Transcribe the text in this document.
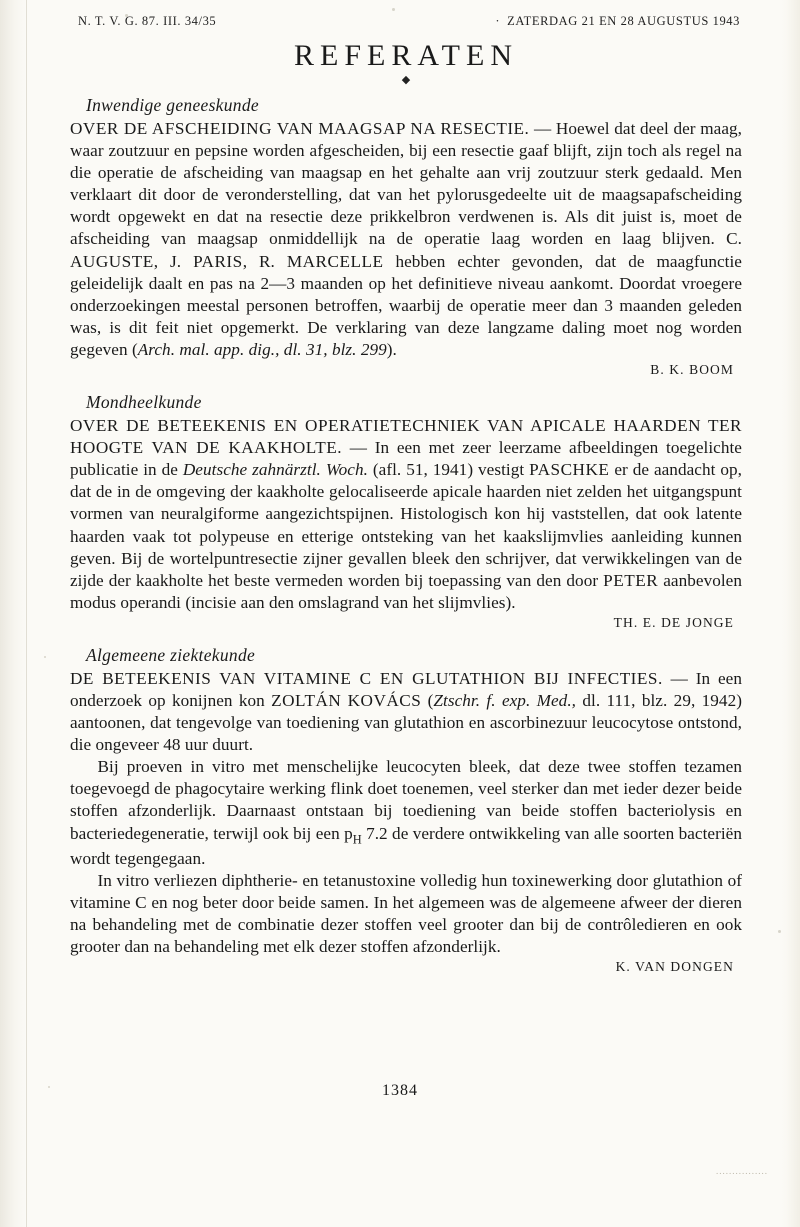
................
N. T. V. G. 87. III. 34/35	· ZATERDAG 21 EN 28 AUGUSTUS 1943
REFERATEN
◆
Inwendige geneeskunde

OVER DE AFSCHEIDING VAN MAAGSAP NA RESECTIE. — Hoewel dat deel der maag, waar zoutzuur en pepsine worden afgescheiden, bij een resectie gaaf blijft, zijn toch als regel na die operatie de afscheiding van maagsap en het gehalte aan vrij zoutzuur sterk gedaald. Men verklaart dit door de veronderstelling, dat van het pylorusgedeelte uit de maagsapafscheiding wordt opgewekt en dat na resectie deze prikkelbron verdwenen is. Als dit juist is, moet de afscheiding van maagsap onmiddellijk na de operatie laag worden en laag blijven. C. AUGUSTE, J. PARIS, R. MARCELLE hebben echter gevonden, dat de maagfunctie geleidelijk daalt en pas na 2—3 maanden op het definitieve niveau aankomt. Doordat vroegere onderzoekingen meestal personen betroffen, waarbij de operatie meer dan 3 maanden geleden was, is dit feit niet opgemerkt. De verklaring van deze langzame daling moet nog worden gegeven (Arch. mal. app. dig., dl. 31, blz. 299).

B. K. BOOM
Mondheelkunde

OVER DE BETEEKENIS EN OPERATIETECHNIEK VAN APICALE HAARDEN TER HOOGTE VAN DE KAAKHOLTE. — In een met zeer leerzame afbeeldingen toegelichte publicatie in de Deutsche zahnärztl. Woch. (afl. 51, 1941) vestigt PASCHKE er de aandacht op, dat de in de omgeving der kaakholte gelocaliseerde apicale haarden niet zelden het uitgangspunt vormen van neuralgiforme aangezichtspijnen. Histologisch kon hij vaststellen, dat ook latente haarden vaak tot polypeuse en etterige ontsteking van het kaakslijmvlies aanleiding kunnen geven. Bij de wortelpuntresectie zijner gevallen bleek den schrijver, dat verwikkelingen van de zijde der kaakholte het beste vermeden worden bij toepassing van den door PETER aanbevolen modus operandi (incisie aan den omslagrand van het slijmvlies).

TH. E. DE JONGE
Algemeene ziektekunde

DE BETEEKENIS VAN VITAMINE C EN GLUTATHION BIJ INFECTIES. — In een onderzoek op konijnen kon ZOLTÁN KOVÁCS (Ztschr. f. exp. Med., dl. 111, blz. 29, 1942) aantoonen, dat tengevolge van toediening van glutathion en ascorbinezuur leucocytose ontstond, die ongeveer 48 uur duurt.

Bij proeven in vitro met menschelijke leucocyten bleek, dat deze twee stoffen tezamen toegevoegd de phagocytaire werking flink doet toenemen, veel sterker dan met ieder dezer beide stoffen afzonderlijk. Daarnaast ontstaan bij toediening van beide stoffen bacteriolysis en bacteriedegeneratie, terwijl ook bij een $p_H$ 7.2 de verdere ontwikkeling van alle soorten bacteriën wordt tegengegaan.

In vitro verliezen diphtherie- en tetanustoxine volledig hun toxinewerking door glutathion of vitamine C en nog beter door beide samen. In het algemeen was de algemeene afweer der dieren na behandeling met de combinatie dezer stoffen veel grooter dan bij de contrôledieren en ook grooter dan na behandeling met elk dezer stoffen afzonderlijk.

K. VAN DONGEN
1384
